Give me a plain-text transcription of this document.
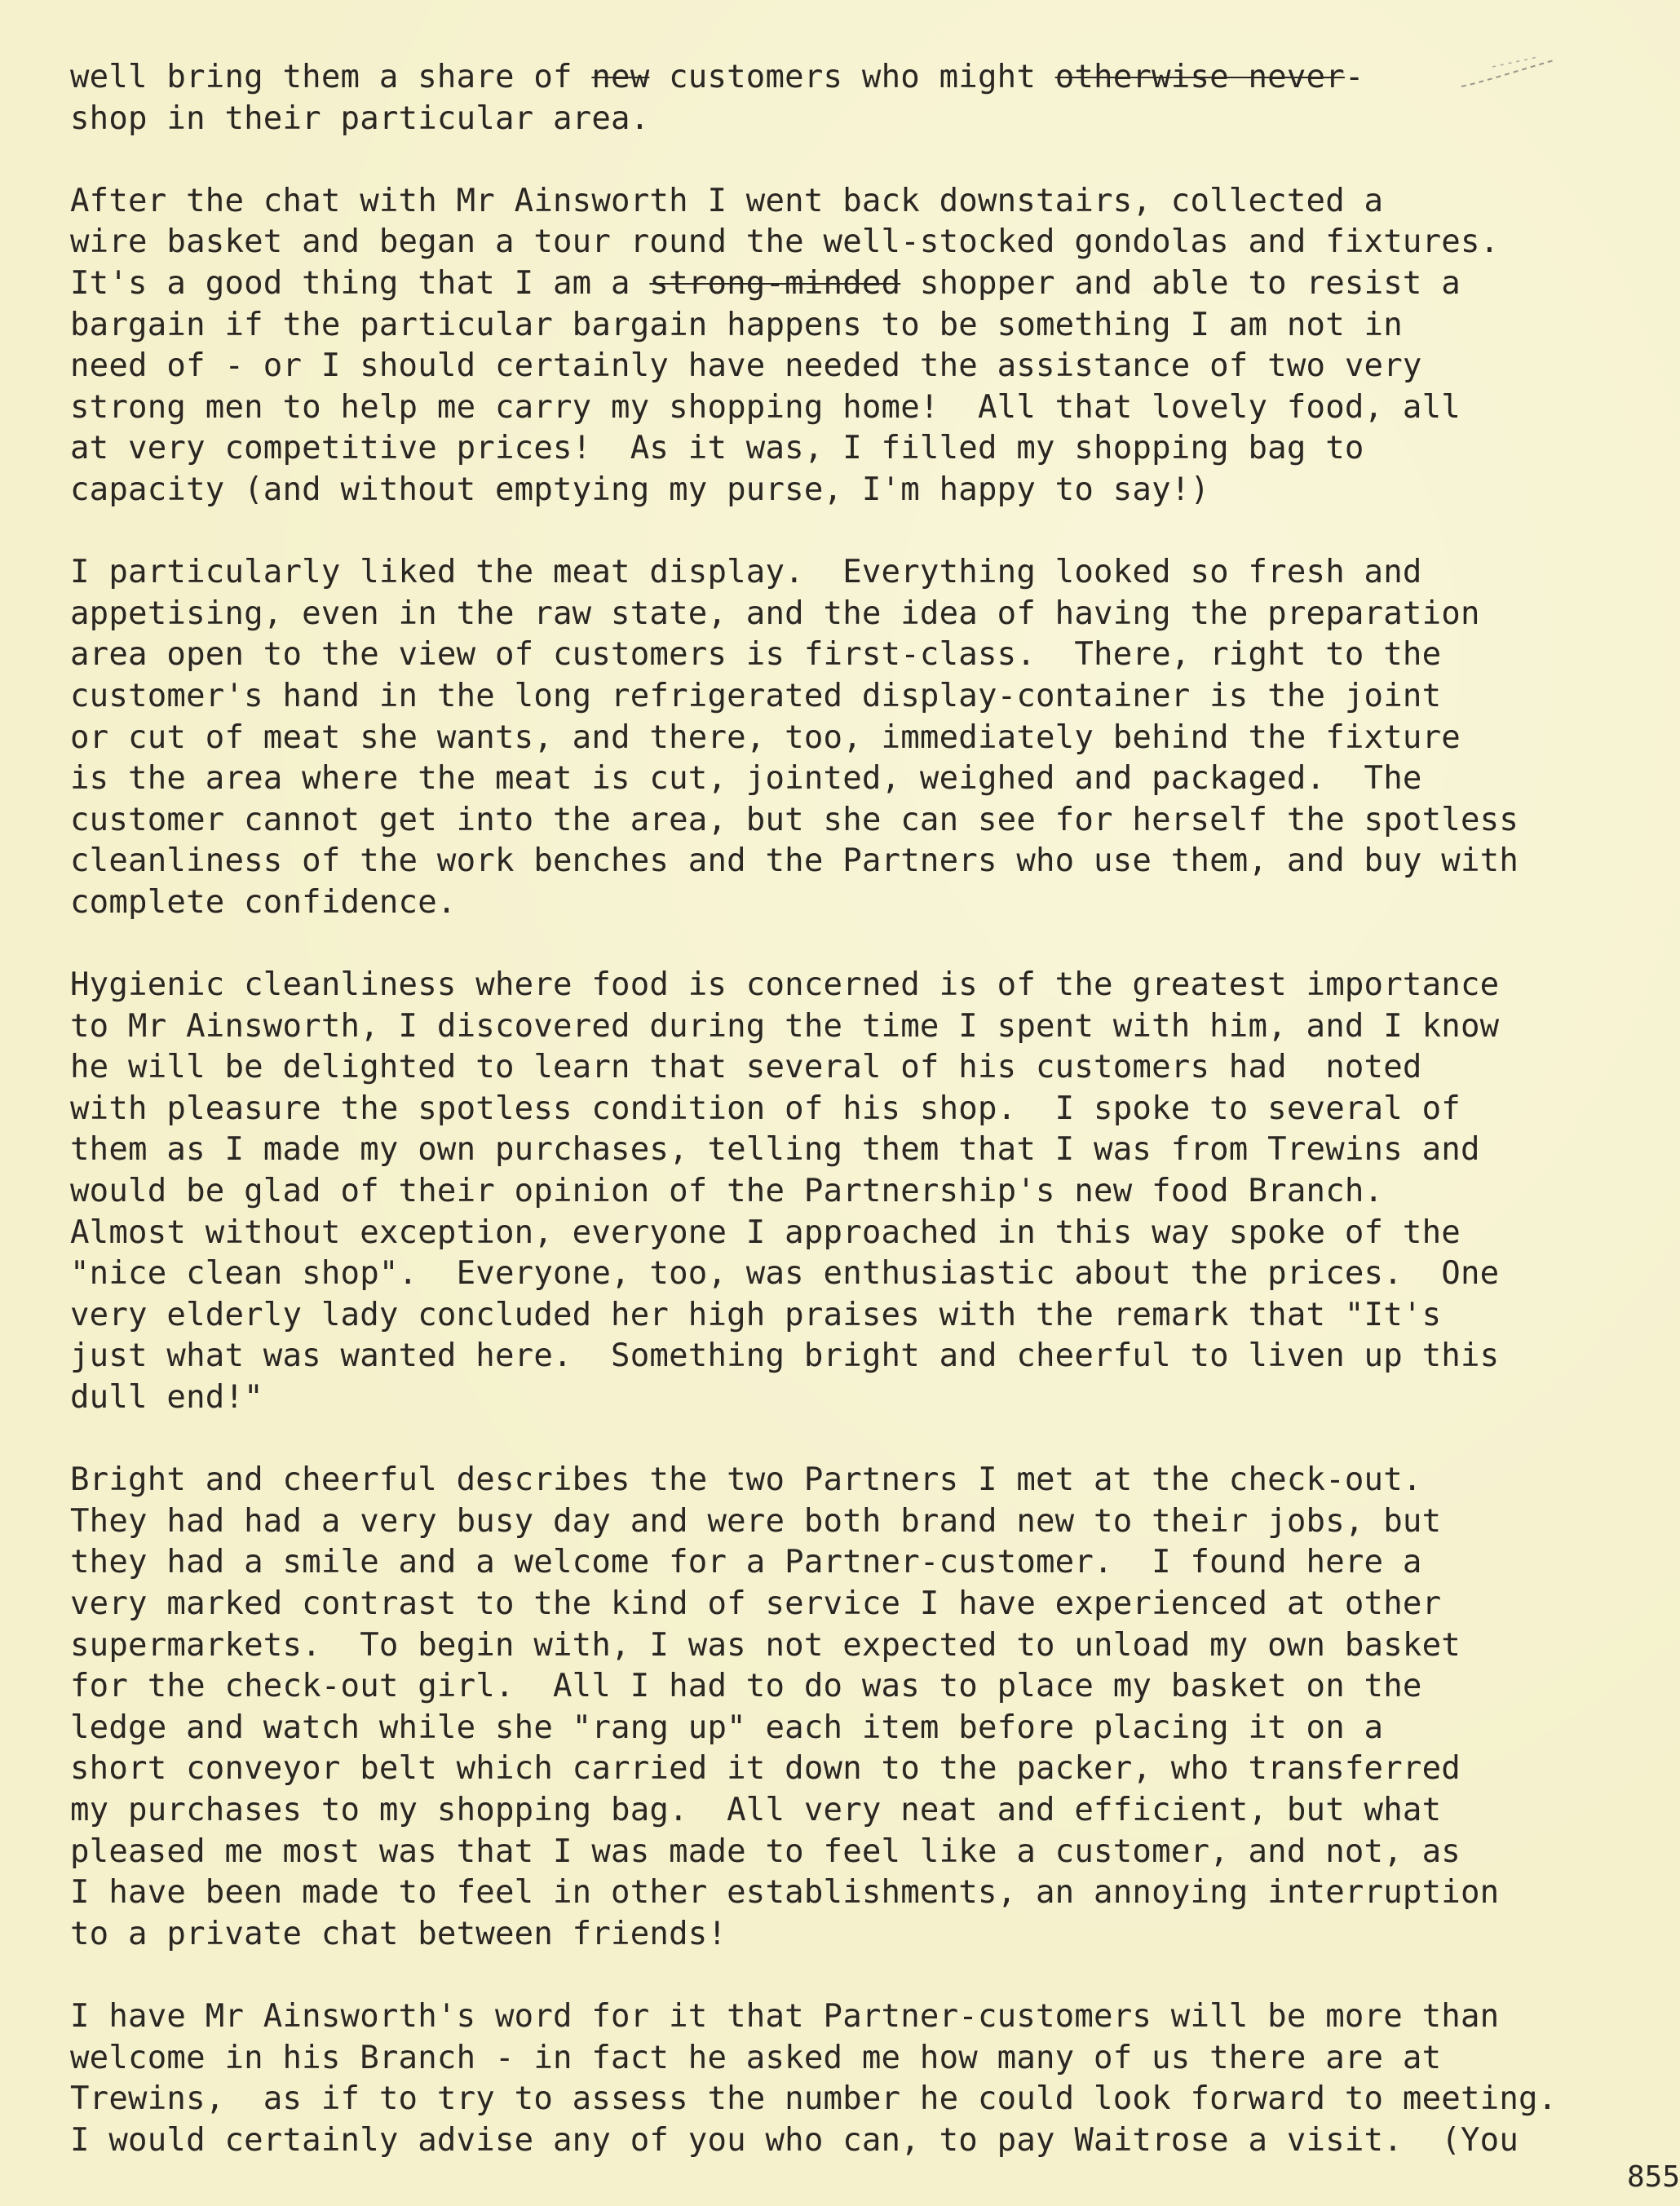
well bring them a share of new customers who might otherwise never-
shop in their particular area.
After the chat with Mr Ainsworth I went back downstairs, collected a
wire basket and began a tour round the well-stocked gondolas and fixtures.
It's a good thing that I am a strong-minded shopper and able to resist a
bargain if the particular bargain happens to be something I am not in
need of - or I should certainly have needed the assistance of two very
strong men to help me carry my shopping home!  All that lovely food, all
at very competitive prices!  As it was, I filled my shopping bag to
capacity (and without emptying my purse, I'm happy to say!)
I particularly liked the meat display.  Everything looked so fresh and
appetising, even in the raw state, and the idea of having the preparation
area open to the view of customers is first-class.  There, right to the
customer's hand in the long refrigerated display-container is the joint
or cut of meat she wants, and there, too, immediately behind the fixture
is the area where the meat is cut, jointed, weighed and packaged.  The
customer cannot get into the area, but she can see for herself the spotless
cleanliness of the work benches and the Partners who use them, and buy with
complete confidence.
Hygienic cleanliness where food is concerned is of the greatest importance
to Mr Ainsworth, I discovered during the time I spent with him, and I know
he will be delighted to learn that several of his customers had  noted
with pleasure the spotless condition of his shop.  I spoke to several of
them as I made my own purchases, telling them that I was from Trewins and
would be glad of their opinion of the Partnership's new food Branch.
Almost without exception, everyone I approached in this way spoke of the
"nice clean shop".  Everyone, too, was enthusiastic about the prices.  One
very elderly lady concluded her high praises with the remark that "It's
just what was wanted here.  Something bright and cheerful to liven up this
dull end!"
Bright and cheerful describes the two Partners I met at the check-out.
They had had a very busy day and were both brand new to their jobs, but
they had a smile and a welcome for a Partner-customer.  I found here a
very marked contrast to the kind of service I have experienced at other
supermarkets.  To begin with, I was not expected to unload my own basket
for the check-out girl.  All I had to do was to place my basket on the
ledge and watch while she "rang up" each item before placing it on a
short conveyor belt which carried it down to the packer, who transferred
my purchases to my shopping bag.  All very neat and efficient, but what
pleased me most was that I was made to feel like a customer, and not, as
I have been made to feel in other establishments, an annoying interruption
to a private chat between friends!
I have Mr Ainsworth's word for it that Partner-customers will be more than
welcome in his Branch - in fact he asked me how many of us there are at
Trewins,  as if to try to assess the number he could look forward to meeting.
I would certainly advise any of you who can, to pay Waitrose a visit.  (You
855
